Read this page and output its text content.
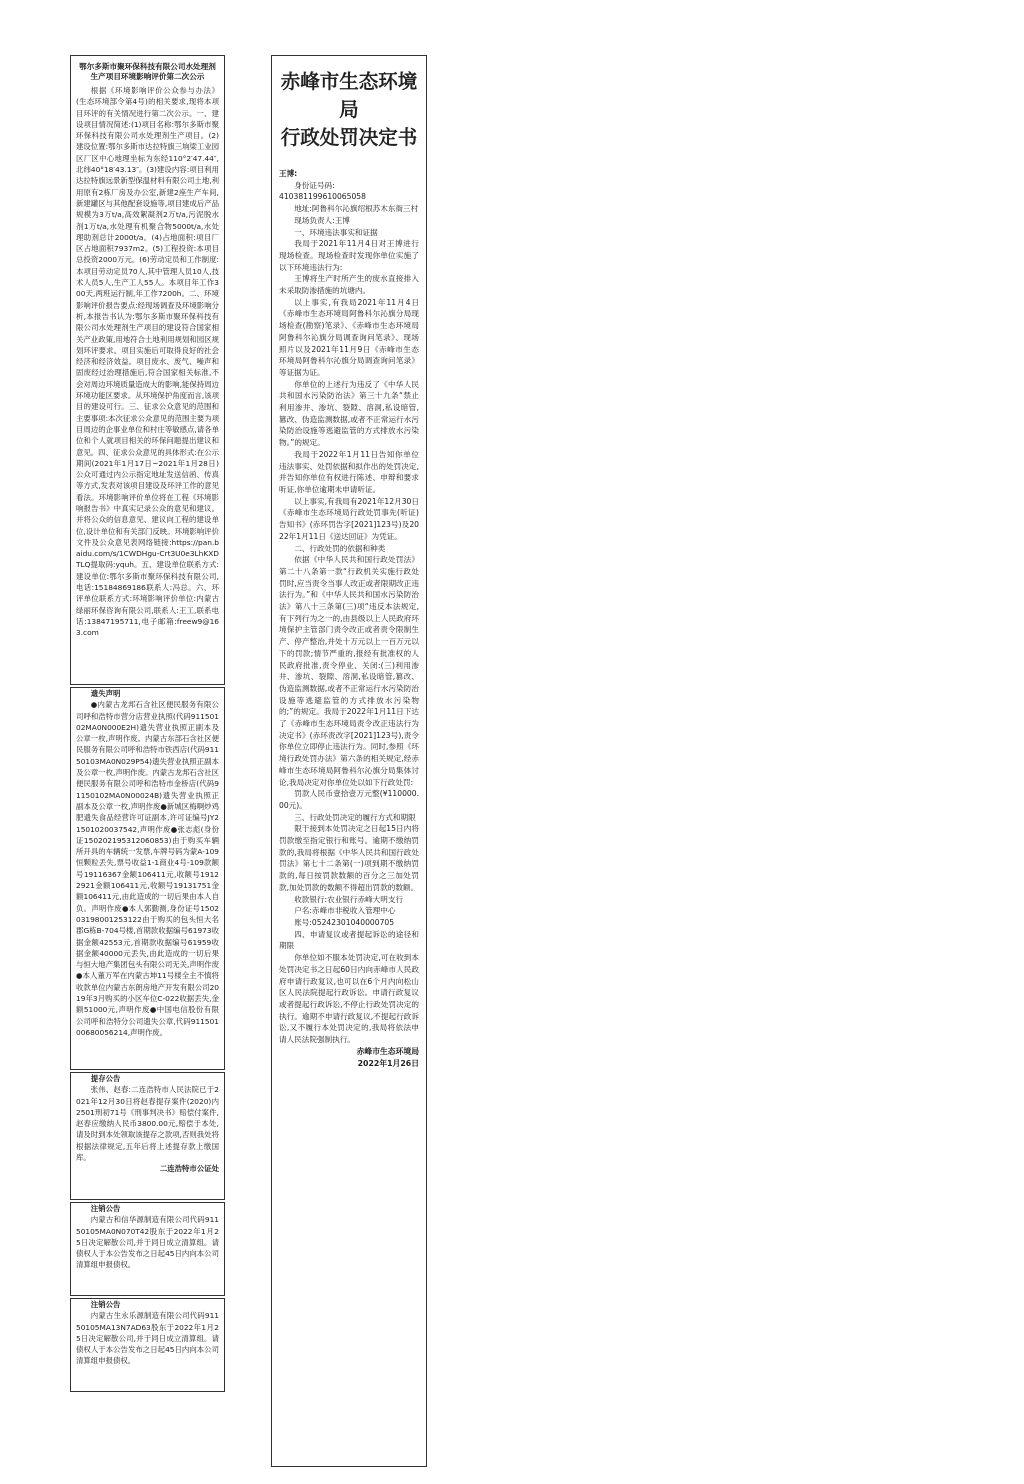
鄂尔多斯市聚环保科技有限公司水处理剂生产项目环境影响评价第二次公示

根据《环境影响评价公众参与办法》(生态环境部令第4号)的相关要求,现将本项目环评的有关情况进行第二次公示。一、建设项目情况简述:(1)项目名称:鄂尔多斯市聚环保科技有限公司水处理剂生产项目。(2)建设位置:鄂尔多斯市达拉特旗三垧梁工业园区厂区中心地理坐标为东经110°2′47.44″,北纬40°18′43.13″。(3)建设内容:项目利用达拉特旗远景新型保温材料有限公司土地,利用原有2栋厂房及办公室,新建2座生产车间,新建罐区与其他配套设施等,项目建成后产品规模为3万t/a,高效絮凝剂2万t/a,污泥脱水剂1万t/a,水处理有机聚合物5000t/a,水处理助剂总计2000t/a。(4)占地面积:项目厂区占地面积7937m2。(5)工程投资:本项目总投资2000万元。(6)劳动定员和工作制度:本项目劳动定员70人,其中管理人员10人,技术人员5人,生产工人55人。本项目年工作300天,两班运行制,年工作7200h。二、环境影响评价报告要点:经现场调查及环境影响分析,本报告书认为:鄂尔多斯市聚环保科技有限公司水处理剂生产项目的建设符合国家相关产业政策,用地符合土地利用规划和园区规划环评要求。项目实施后可取得良好的社会经济和经济效益。项目废水、废气、噪声和固废经过治理措施后,符合国家相关标准,不会对周边环境质量造成大的影响,能保持周边环境功能区要求。从环境保护角度而言,该项目的建设可行。三、征求公众意见的范围和主要事项:本次征求公众意见的范围主要为项目周边的企事业单位和村庄等敏感点,请各单位和个人就项目相关的环保问题提出建议和意见。四、征求公众意见的具体形式:在公示期间(2021年1月17日~2021年1月28日)公众可通过内公示指定地址发送信函、传真等方式,发表对该项目建设及环评工作的意见看法。环境影响评价单位将在工程《环境影响报告书》中真实记录公众的意见和建议。并将公众的信息意见、建议向工程的建设单位,设计单位和有关部门反映。环境影响评价文件及公众意见表网络链接:https://pan.baidu.com/s/1CWDHgu-Crt3U0e3LhKXDTLQ提取码:yquh。五、建设单位联系方式:建设单位:鄂尔多斯市聚环保科技有限公司,电话:15184869186联系人:冯总。六、环评单位联系方式:环境影响评价单位:内蒙古绿丽环保咨询有限公司,联系人:王工,联系电话:13847195711,电子邮箱:freew9@163.com

遗失声明

●内蒙古龙邦石含社区便民服务有限公司呼和浩特市营分店营业执照(代码91150102MA0N000E2H)遗失营业执照正副本及公章一枚,声明作废。内蒙古东部石含社区便民服务有限公司呼和浩特市铁西店(代码91150103MA0N029P54)遗失营业执照正副本及公章一枚,声明作废。内蒙古龙邦石含社区便民服务有限公司呼和浩特市金桥店(代码91150102MA0N00024B)遗失营业执照正副本及公章一枚,声明作废●新城区梅啊炒鸡肥遗失食品经营许可证副本,许可证编号JY21501020037542,声明作废●张志彪(身份证150202195312060853)由于购买车辆所开具的车辆统一发票,车牌号码为蒙A-109恒颗粒丢失,票号收益1-1商业4号-109款额号19116367金额106411元,收额号19122921金额106411元,收额号19131751金额106411元,由此造成的一切后果由本人自负。声明作废●本人郭勤测,身份证号150203198001253122由于购买的包头恒大名郡G栋B-704号楼,首期款收据编号61973收据金额42553元,首期款收据编号61959收据金额40000元丢失,由此造成的一切后果与恒大地产集团包头有限公司无关,声明作废●本人董万军在内蒙古坤11号楼全主不慎将收款单位内蒙古东朗房地产开发有限公司2019年3月购买的小区车位C-022收据丢失,金额51000元,声明作废●中国电信股份有限公司呼和浩特分公司遗失公章,代码91150100680056214,声明作废。

提存公告

张伟、赵春:二连浩特市人民法院已于2021年12月30日将赵春提存案件(2020)内2501刑初71号《刑事判决书》赔偿付案件,赵春应缴纳人民币3800.00元,赔偿于本处,请及时到本处领取该提存之款项,否则我处将根据法律规定,五年后将上述提存款上缴国库。

二连浩特市公证处

注销公告

内蒙古和信华源制造有限公司代码91150105MA0N070T42股东于2022年1月25日决定解散公司,并于同日成立清算组。请债权人于本公告发布之日起45日内向本公司清算组申报债权。

注销公告

内蒙古生永乐源制造有限公司代码91150105MA13N7AD63股东于2022年1月25日决定解散公司,并于同日成立清算组。请债权人于本公告发布之日起45日内向本公司清算组申报债权。

赤峰市生态环境局
行政处罚决定书

王博:

身份证号码:

410381199610065058

地址:阿鲁科尔沁旗绍根苏木东衙三村

现场负责人:王博

一、环境违法事实和证据

我局于2021年11月4日对王博进行现场检查。现场检查时发现你单位实施了以下环境违法行为:

王博将生产时所产生的废水直接排入未采取防渗措施的坑塘内。

以上事实,有我局2021年11月4日《赤峰市生态环境局阿鲁科尔沁旗分局现场检查(勘察)笔录》、《赤峰市生态环境局阿鲁科尔沁旗分局调查询问笔录》、现场照片以及2021年11月9日《赤峰市生态环境局阿鲁科尔沁旗分局调查询问笔录》等证据为证。

你单位的上述行为违反了《中华人民共和国水污染防治法》第三十九条“禁止利用渗井、渗坑、裂隙、溶洞,私设暗管,篡改、伪造监测数据,或者不正常运行水污染防治设施等逃避监管的方式排放水污染物。”的规定。

我局于2022年1月11日告知你单位违法事实、处罚依据和拟作出的处罚决定,并告知你单位有权进行陈述、申辩和要求听证,你单位逾期未申请听证。

以上事实,有我局有2021年12月30日《赤峰市生态环境局行政处罚事先(听证)告知书》(赤环罚告字[2021]123号)及2022年1月11日《送达回证》为凭证。

二、行政处罚的依据和种类

依据《中华人民共和国行政处罚法》第二十八条第一款“行政机关实施行政处罚时,应当责令当事人改正或者限期改正违法行为。”和《中华人民共和国水污染防治法》第八十三条第(三)项“违反本法规定,有下列行为之一的,由县级以上人民政府环境保护主管部门责令改正或者责令限制生产、停产整治,并处十万元以上一百万元以下的罚款;情节严重的,报经有批准权的人民政府批准,责令停业、关闭:(三)利用渗井、渗坑、裂隙、溶洞,私设暗管,篡改、伪造监测数据,或者不正常运行水污染防治设施等逃避监管的方式排放水污染物的;”的规定。我局于2022年1月11日下达了《赤峰市生态环境局责令改正违法行为决定书》(赤环责改字[2021]123号),责令你单位立即停止违法行为。同时,参照《环境行政处罚办法》第六条的相关规定,经赤峰市生态环境局阿鲁科尔沁旗分局集体讨论,我局决定对你单位处以如下行政处罚:

罚款人民币壹拾壹万元整(¥110000.00元)。

三、行政处罚决定的履行方式和期限

限于接到本处罚决定之日起15日内将罚款缴至指定银行和账号。逾期不缴纳罚款的,我局将根据《中华人民共和国行政处罚法》第七十二条第(一)项到期不缴纳罚款的,每日按罚款数额的百分之三加处罚款,加处罚款的数额不得超出罚款的数额。

收款银行:农业银行赤峰大明支行

户名:赤峰市非税收入管理中心

账号:05242301040000705

四、申请复议或者提起诉讼的途径和期限

你单位如不服本处罚决定,可在收到本处罚决定书之日起60日内向赤峰市人民政府申请行政复议,也可以在6个月内向松山区人民法院提起行政诉讼。申请行政复议或者提起行政诉讼,不停止行政处罚决定的执行。逾期不申请行政复议,不提起行政诉讼,又不履行本处罚决定的,我局将依法申请人民法院强制执行。

赤峰市生态环境局

2022年1月26日
